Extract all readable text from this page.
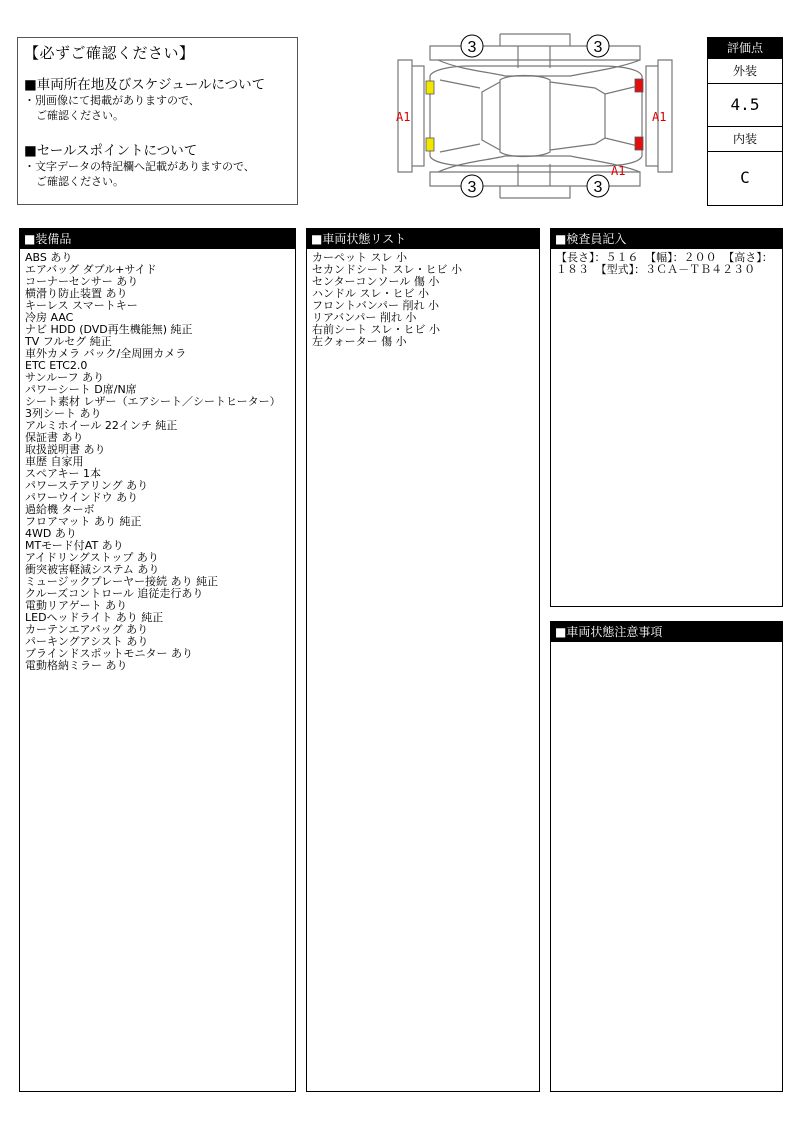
【必ずご確認ください】

■車両所在地及びスケジュールについて

・別画像にて掲載がありますので、

ご確認ください。

■セールスポイントについて

・文字データの特記欄へ記載がありますので、

ご確認ください。

3	3
3	3
A1	A1
A1
評価点
外装
4.5
内装
C
■装備品
ABS あり
エアバッグ ダブル+サイド
コーナーセンサー あり
横滑り防止装置 あり
キーレス スマートキー
冷房 AAC
ナビ HDD (DVD再生機能無) 純正
TV フルセグ 純正
車外カメラ バック/全周囲カメラ
ETC ETC2.0
サンルーフ あり
パワーシート D席/N席
シート素材 レザー（エアシート／シートヒーター）
3列シート あり
アルミホイール 22インチ 純正
保証書 あり
取扱説明書 あり
車歴 自家用
スペアキー 1本
パワーステアリング あり
パワーウインドウ あり
過給機 ターボ
フロアマット あり 純正
4WD あり
MTモード付AT あり
アイドリングストップ あり
衝突被害軽減システム あり
ミュージックプレーヤー接続 あり 純正
クルーズコントロール 追従走行あり
電動リアゲート あり
LEDヘッドライト あり 純正
カーテンエアバッグ あり
パーキングアシスト あり
ブラインドスポットモニター あり
電動格納ミラー あり
■車両状態リスト
カーペット スレ 小
セカンドシート スレ・ヒビ 小
センターコンソール 傷 小
ハンドル スレ・ヒビ 小
フロントバンパー 削れ 小
リアバンパー 削れ 小
右前シート スレ・ヒビ 小
左クォーター 傷 小
■検査員記入
【長さ】：５１６ 【幅】：２００ 【高さ】：１８３ 【型式】：３ＣＡ－ＴＢ４２３０
■車両状態注意事項
